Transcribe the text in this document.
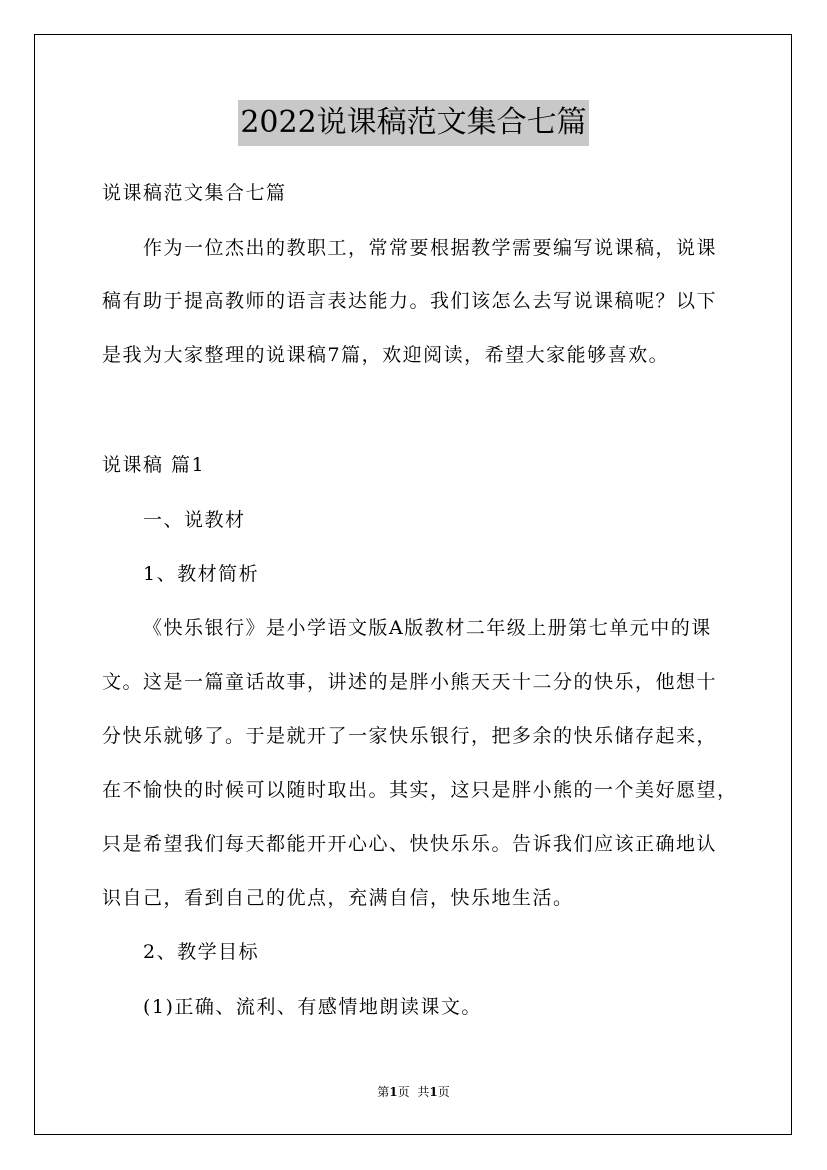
2022说课稿范文集合七篇
说课稿范文集合七篇
作为一位杰出的教职工，常常要根据教学需要编写说课稿，说课
稿有助于提高教师的语言表达能力。我们该怎么去写说课稿呢？以下
是我为大家整理的说课稿7篇，欢迎阅读，希望大家能够喜欢。
说课稿 篇1
一、说教材
1、教材简析
《快乐银行》是小学语文版A版教材二年级上册第七单元中的课
文。这是一篇童话故事，讲述的是胖小熊天天十二分的快乐，他想十
分快乐就够了。于是就开了一家快乐银行，把多余的快乐储存起来，
在不愉快的时候可以随时取出。其实，这只是胖小熊的一个美好愿望，
只是希望我们每天都能开开心心、快快乐乐。告诉我们应该正确地认
识自己，看到自己的优点，充满自信，快乐地生活。
2、教学目标
(1)正确、流利、有感情地朗读课文。
第1页 共1页
